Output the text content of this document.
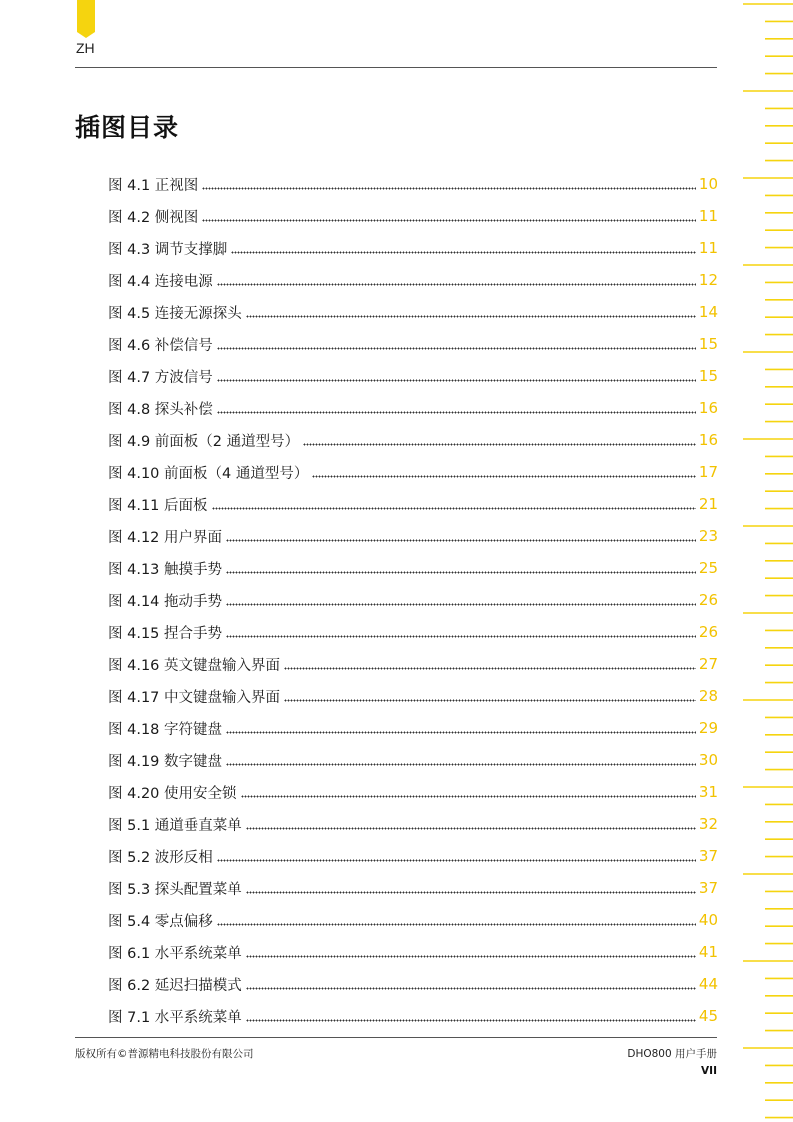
ZH
插图目录
图 4.1 正视图	10
图 4.2 侧视图	11
图 4.3 调节支撑脚	11
图 4.4 连接电源	12
图 4.5 连接无源探头	14
图 4.6 补偿信号	15
图 4.7 方波信号	15
图 4.8 探头补偿	16
图 4.9 前面板（2 通道型号）	16
图 4.10 前面板（4 通道型号）	17
图 4.11 后面板	21
图 4.12 用户界面	23
图 4.13 触摸手势	25
图 4.14 拖动手势	26
图 4.15 捏合手势	26
图 4.16 英文键盘输入界面	27
图 4.17 中文键盘输入界面	28
图 4.18 字符键盘	29
图 4.19 数字键盘	30
图 4.20 使用安全锁	31
图 5.1 通道垂直菜单	32
图 5.2 波形反相	37
图 5.3 探头配置菜单	37
图 5.4 零点偏移	40
图 6.1 水平系统菜单	41
图 6.2 延迟扫描模式	44
图 7.1 水平系统菜单	45
版权所有©普源精电科技股份有限公司	DHO800 用户手册
VII
